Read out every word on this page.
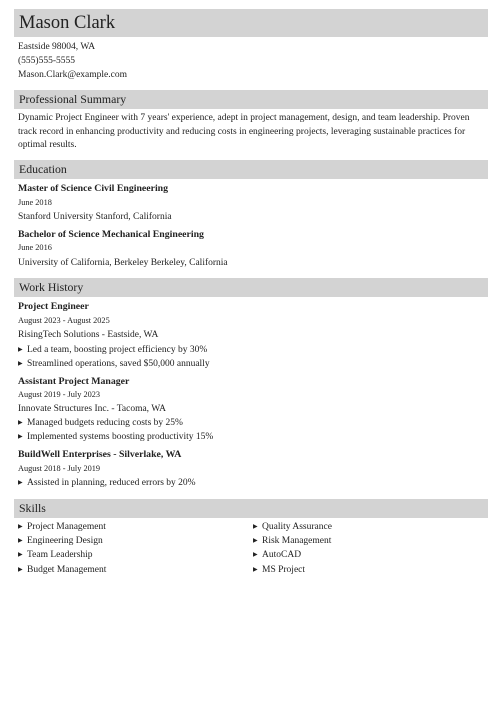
Mason Clark
Eastside 98004, WA
(555)555-5555
Mason.Clark@example.com
Professional Summary
Dynamic Project Engineer with 7 years' experience, adept in project management, design, and team leadership. Proven track record in enhancing productivity and reducing costs in engineering projects, leveraging sustainable practices for optimal results.
Education
Master of Science Civil Engineering
June 2018
Stanford University Stanford, California
Bachelor of Science Mechanical Engineering
June 2016
University of California, Berkeley Berkeley, California
Work History
Project Engineer
August 2023 - August 2025
RisingTech Solutions - Eastside, WA
▶ Led a team, boosting project efficiency by 30%
▶ Streamlined operations, saved $50,000 annually
Assistant Project Manager
August 2019 - July 2023
Innovate Structures Inc. - Tacoma, WA
▶ Managed budgets reducing costs by 25%
▶ Implemented systems boosting productivity 15%
BuildWell Enterprises - Silverlake, WA
August 2018 - July 2019
▶ Assisted in planning, reduced errors by 20%
Skills
▶ Project Management
▶ Engineering Design
▶ Team Leadership
▶ Budget Management
▶ Quality Assurance
▶ Risk Management
▶ AutoCAD
▶ MS Project
